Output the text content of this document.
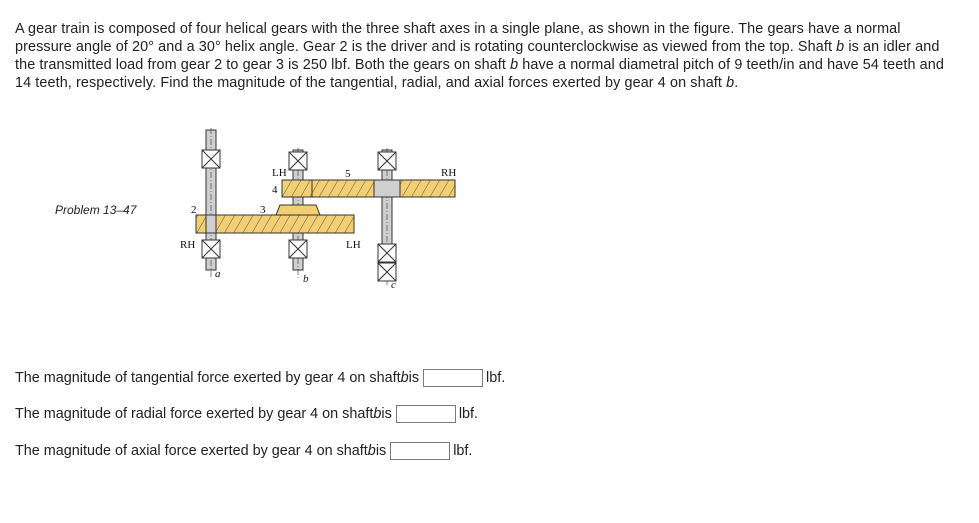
A gear train is composed of four helical gears with the three shaft axes in a single plane, as shown in the figure. The gears have a normal pressure angle of 20° and a 30° helix angle. Gear 2 is the driver and is rotating counterclockwise as viewed from the top. Shaft b is an idler and the transmitted load from gear 2 to gear 3 is 250 lbf. Both the gears on shaft b have a normal diametral pitch of 9 teeth/in and have 54 teeth and 14 teeth, respectively. Find the magnitude of the tangential, radial, and axial forces exerted by gear 4 on shaft b.
Problem 13–47
LH	RH
RH	LH
2	3
4
5
a	b	c
The magnitude of tangential force exerted by gear 4 on shaft b is	lbf.
The magnitude of radial force exerted by gear 4 on shaft b is	lbf.
The magnitude of axial force exerted by gear 4 on shaft b is	lbf.
